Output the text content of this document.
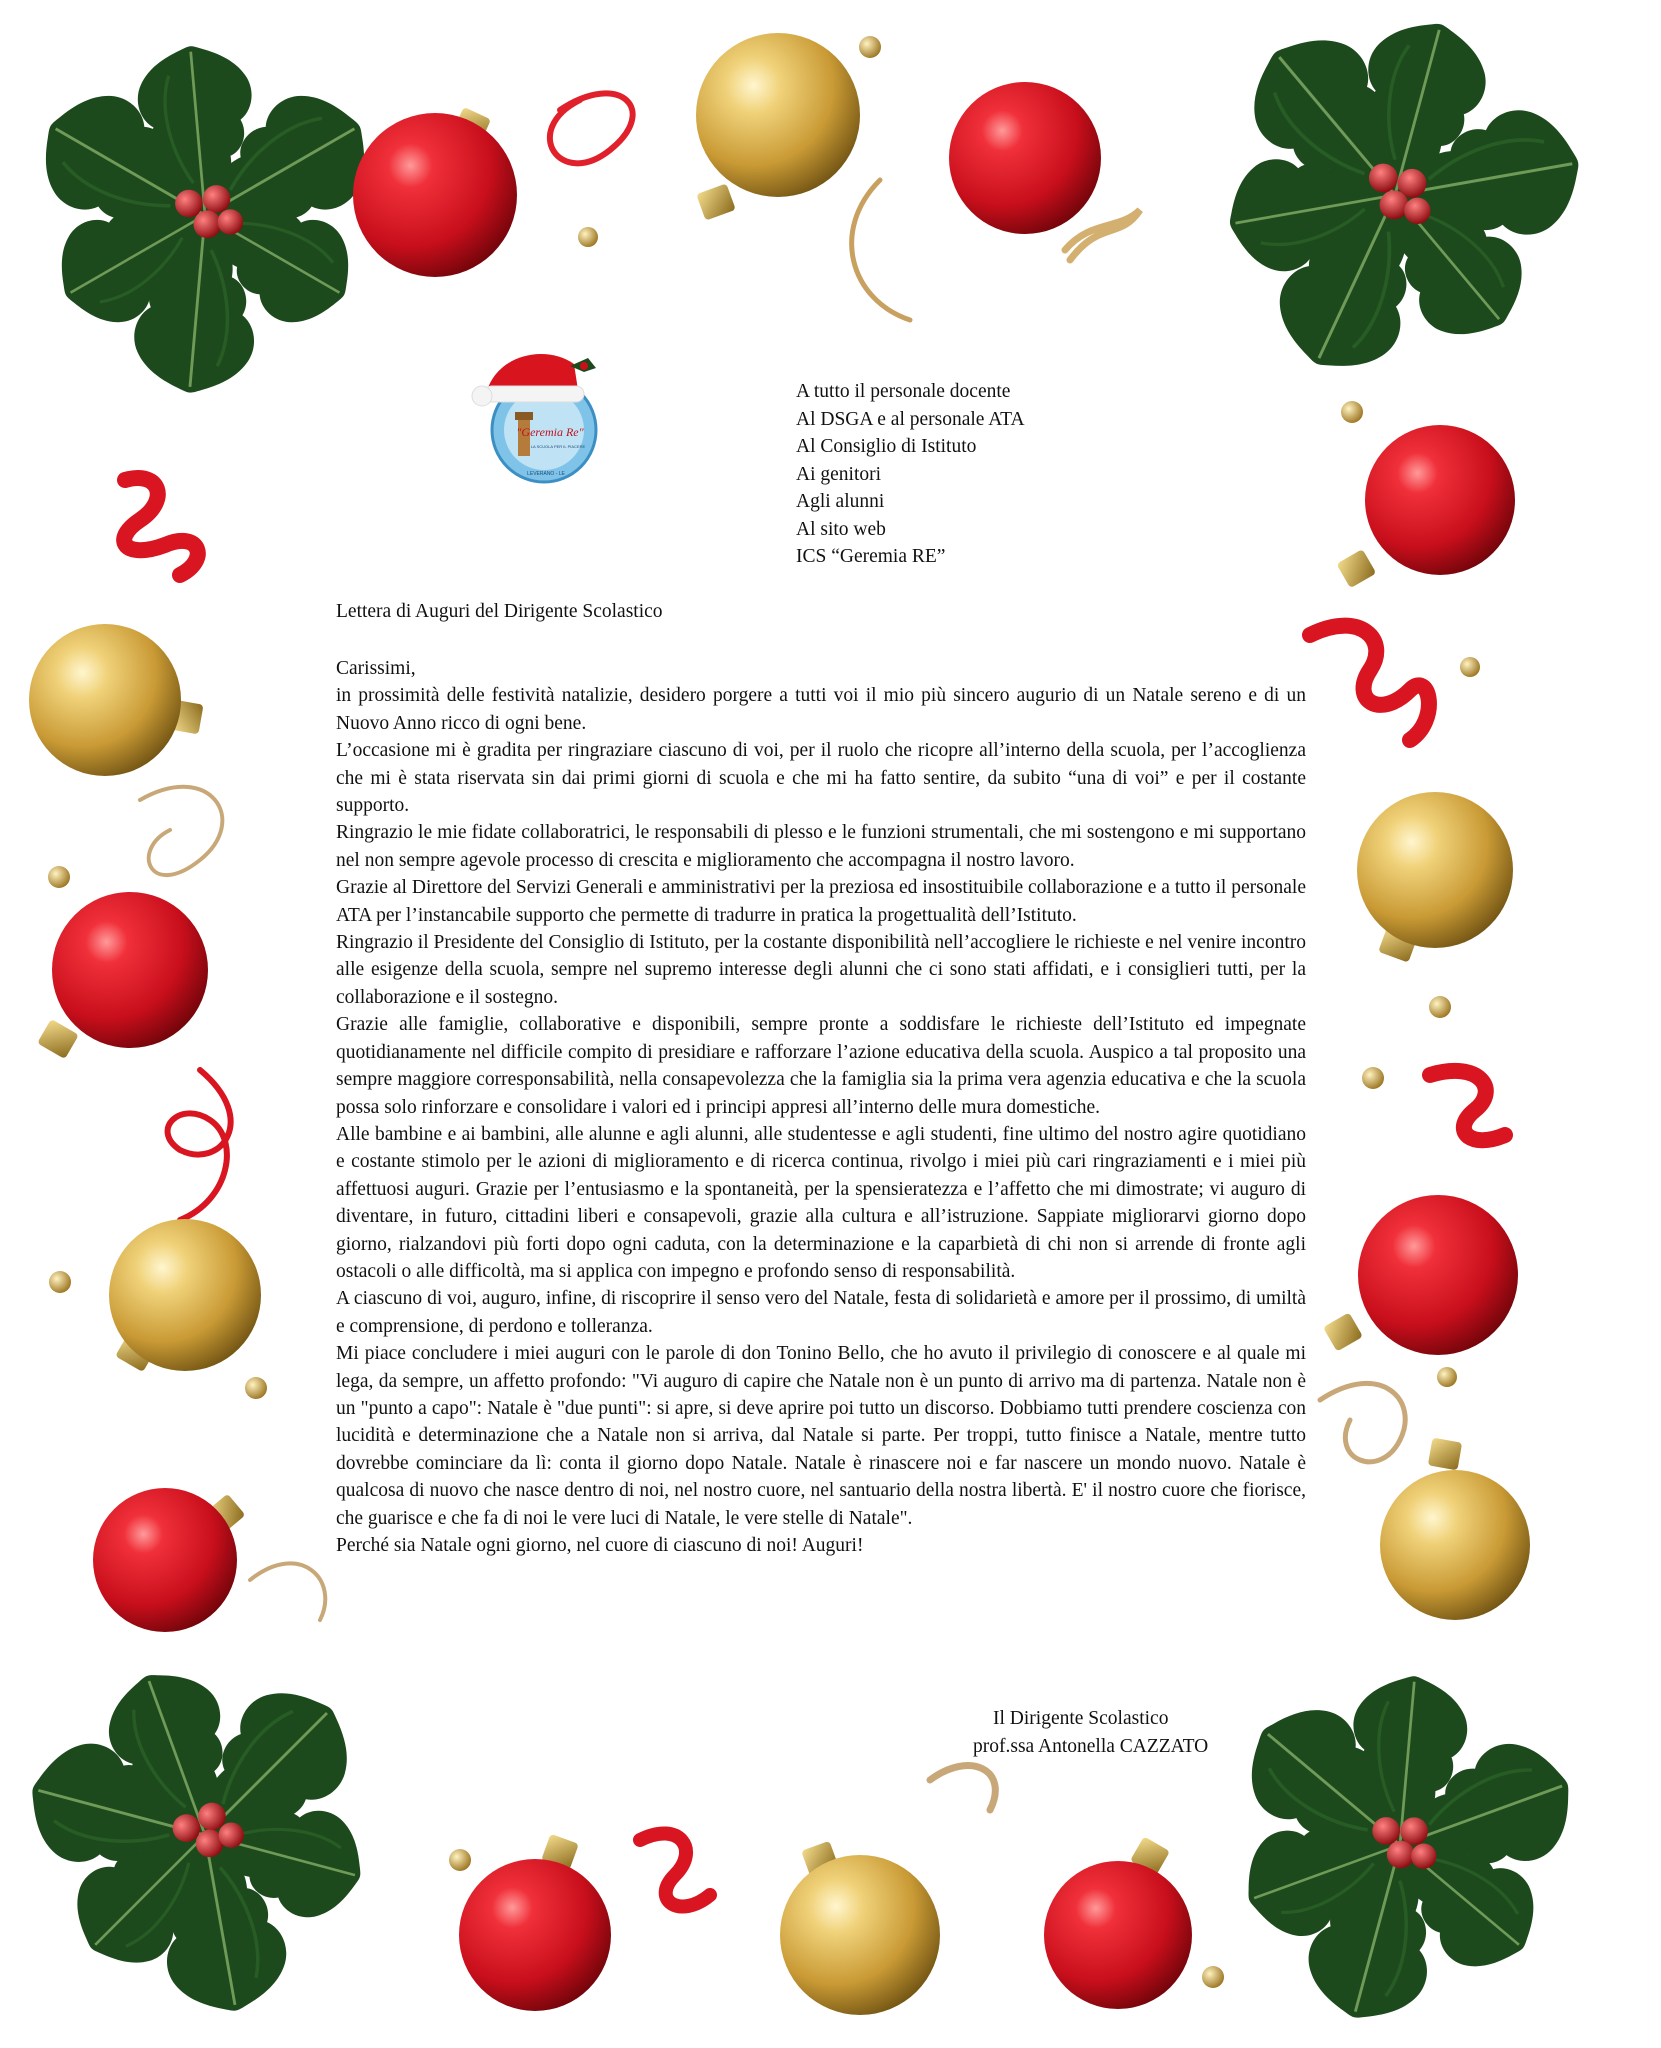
"Geremia Re"
LA SCUOLA PER IL PIACERE
LEVERANO - LE
A tutto il personale docente
Al DSGA e al personale ATA
Al Consiglio di Istituto
Ai genitori
Agli alunni
Al sito web
ICS “Geremia RE”
Lettera di Auguri del Dirigente Scolastico

Carissimi,

in prossimità delle festività natalizie, desidero porgere a tutti voi il mio più sincero augurio di un Natale sereno e di un Nuovo Anno ricco di ogni bene.

L’occasione mi è gradita per ringraziare ciascuno di voi, per il ruolo che ricopre all’interno della scuola, per l’accoglienza che mi è stata riservata sin dai primi giorni di scuola e che mi ha fatto sentire, da subito “una di voi” e per il costante supporto.

Ringrazio le mie fidate collaboratrici, le responsabili di plesso e le funzioni strumentali, che mi sostengono e mi supportano nel non sempre agevole processo di crescita e miglioramento che accompagna il nostro lavoro.

Grazie al Direttore del Servizi Generali e amministrativi per la preziosa ed insostituibile collaborazione e a tutto il personale ATA per l’instancabile supporto che permette di tradurre in pratica la progettualità dell’Istituto.

Ringrazio il Presidente del Consiglio di Istituto, per la costante disponibilità nell’accogliere le richieste e nel venire incontro alle esigenze della scuola, sempre nel supremo interesse degli alunni che ci sono stati affidati, e i consiglieri tutti, per la collaborazione e il sostegno.

Grazie alle famiglie, collaborative e disponibili, sempre pronte a soddisfare le richieste dell’Istituto ed impegnate quotidianamente nel difficile compito di presidiare e rafforzare l’azione educativa della scuola. Auspico a tal proposito una sempre maggiore corresponsabilità, nella consapevolezza che la famiglia sia la prima vera agenzia educativa e che la scuola possa solo rinforzare e consolidare i valori ed i principi appresi all’interno delle mura domestiche.

Alle bambine e ai bambini, alle alunne e agli alunni, alle studentesse e agli studenti, fine ultimo del nostro agire quotidiano e costante stimolo per le azioni di miglioramento e di ricerca continua, rivolgo i miei più cari ringraziamenti e i miei più affettuosi auguri. Grazie per l’entusiasmo e la spontaneità, per la spensieratezza e l’affetto che mi dimostrate; vi auguro di diventare, in futuro, cittadini liberi e consapevoli, grazie alla cultura e all’istruzione. Sappiate migliorarvi giorno dopo giorno, rialzandovi più forti dopo ogni caduta, con la determinazione e la caparbietà di chi non si arrende di fronte agli ostacoli o alle difficoltà, ma si applica con impegno e profondo senso di responsabilità.

A ciascuno di voi, auguro, infine, di riscoprire il senso vero del Natale, festa di solidarietà e amore per il prossimo, di umiltà e comprensione, di perdono e tolleranza.

Mi piace concludere i miei auguri con le parole di don Tonino Bello, che ho avuto il privilegio di conoscere e al quale mi lega, da sempre, un affetto profondo: "Vi auguro di capire che Natale non è un punto di arrivo ma di partenza. Natale non è un "punto a capo": Natale è "due punti": si apre, si deve aprire poi tutto un discorso. Dobbiamo tutti prendere coscienza con lucidità e determinazione che a Natale non si arriva, dal Natale si parte. Per troppi, tutto finisce a Natale, mentre tutto dovrebbe cominciare da lì: conta il giorno dopo Natale. Natale è rinascere noi e far nascere un mondo nuovo. Natale è qualcosa di nuovo che nasce dentro di noi, nel nostro cuore, nel santuario della nostra libertà. E' il nostro cuore che fiorisce, che guarisce e che fa di noi le vere luci di Natale, le vere stelle di Natale".

Perché sia Natale ogni giorno, nel cuore di ciascuno di noi! Auguri!

Il Dirigente Scolastico
prof.ssa Antonella CAZZATO
